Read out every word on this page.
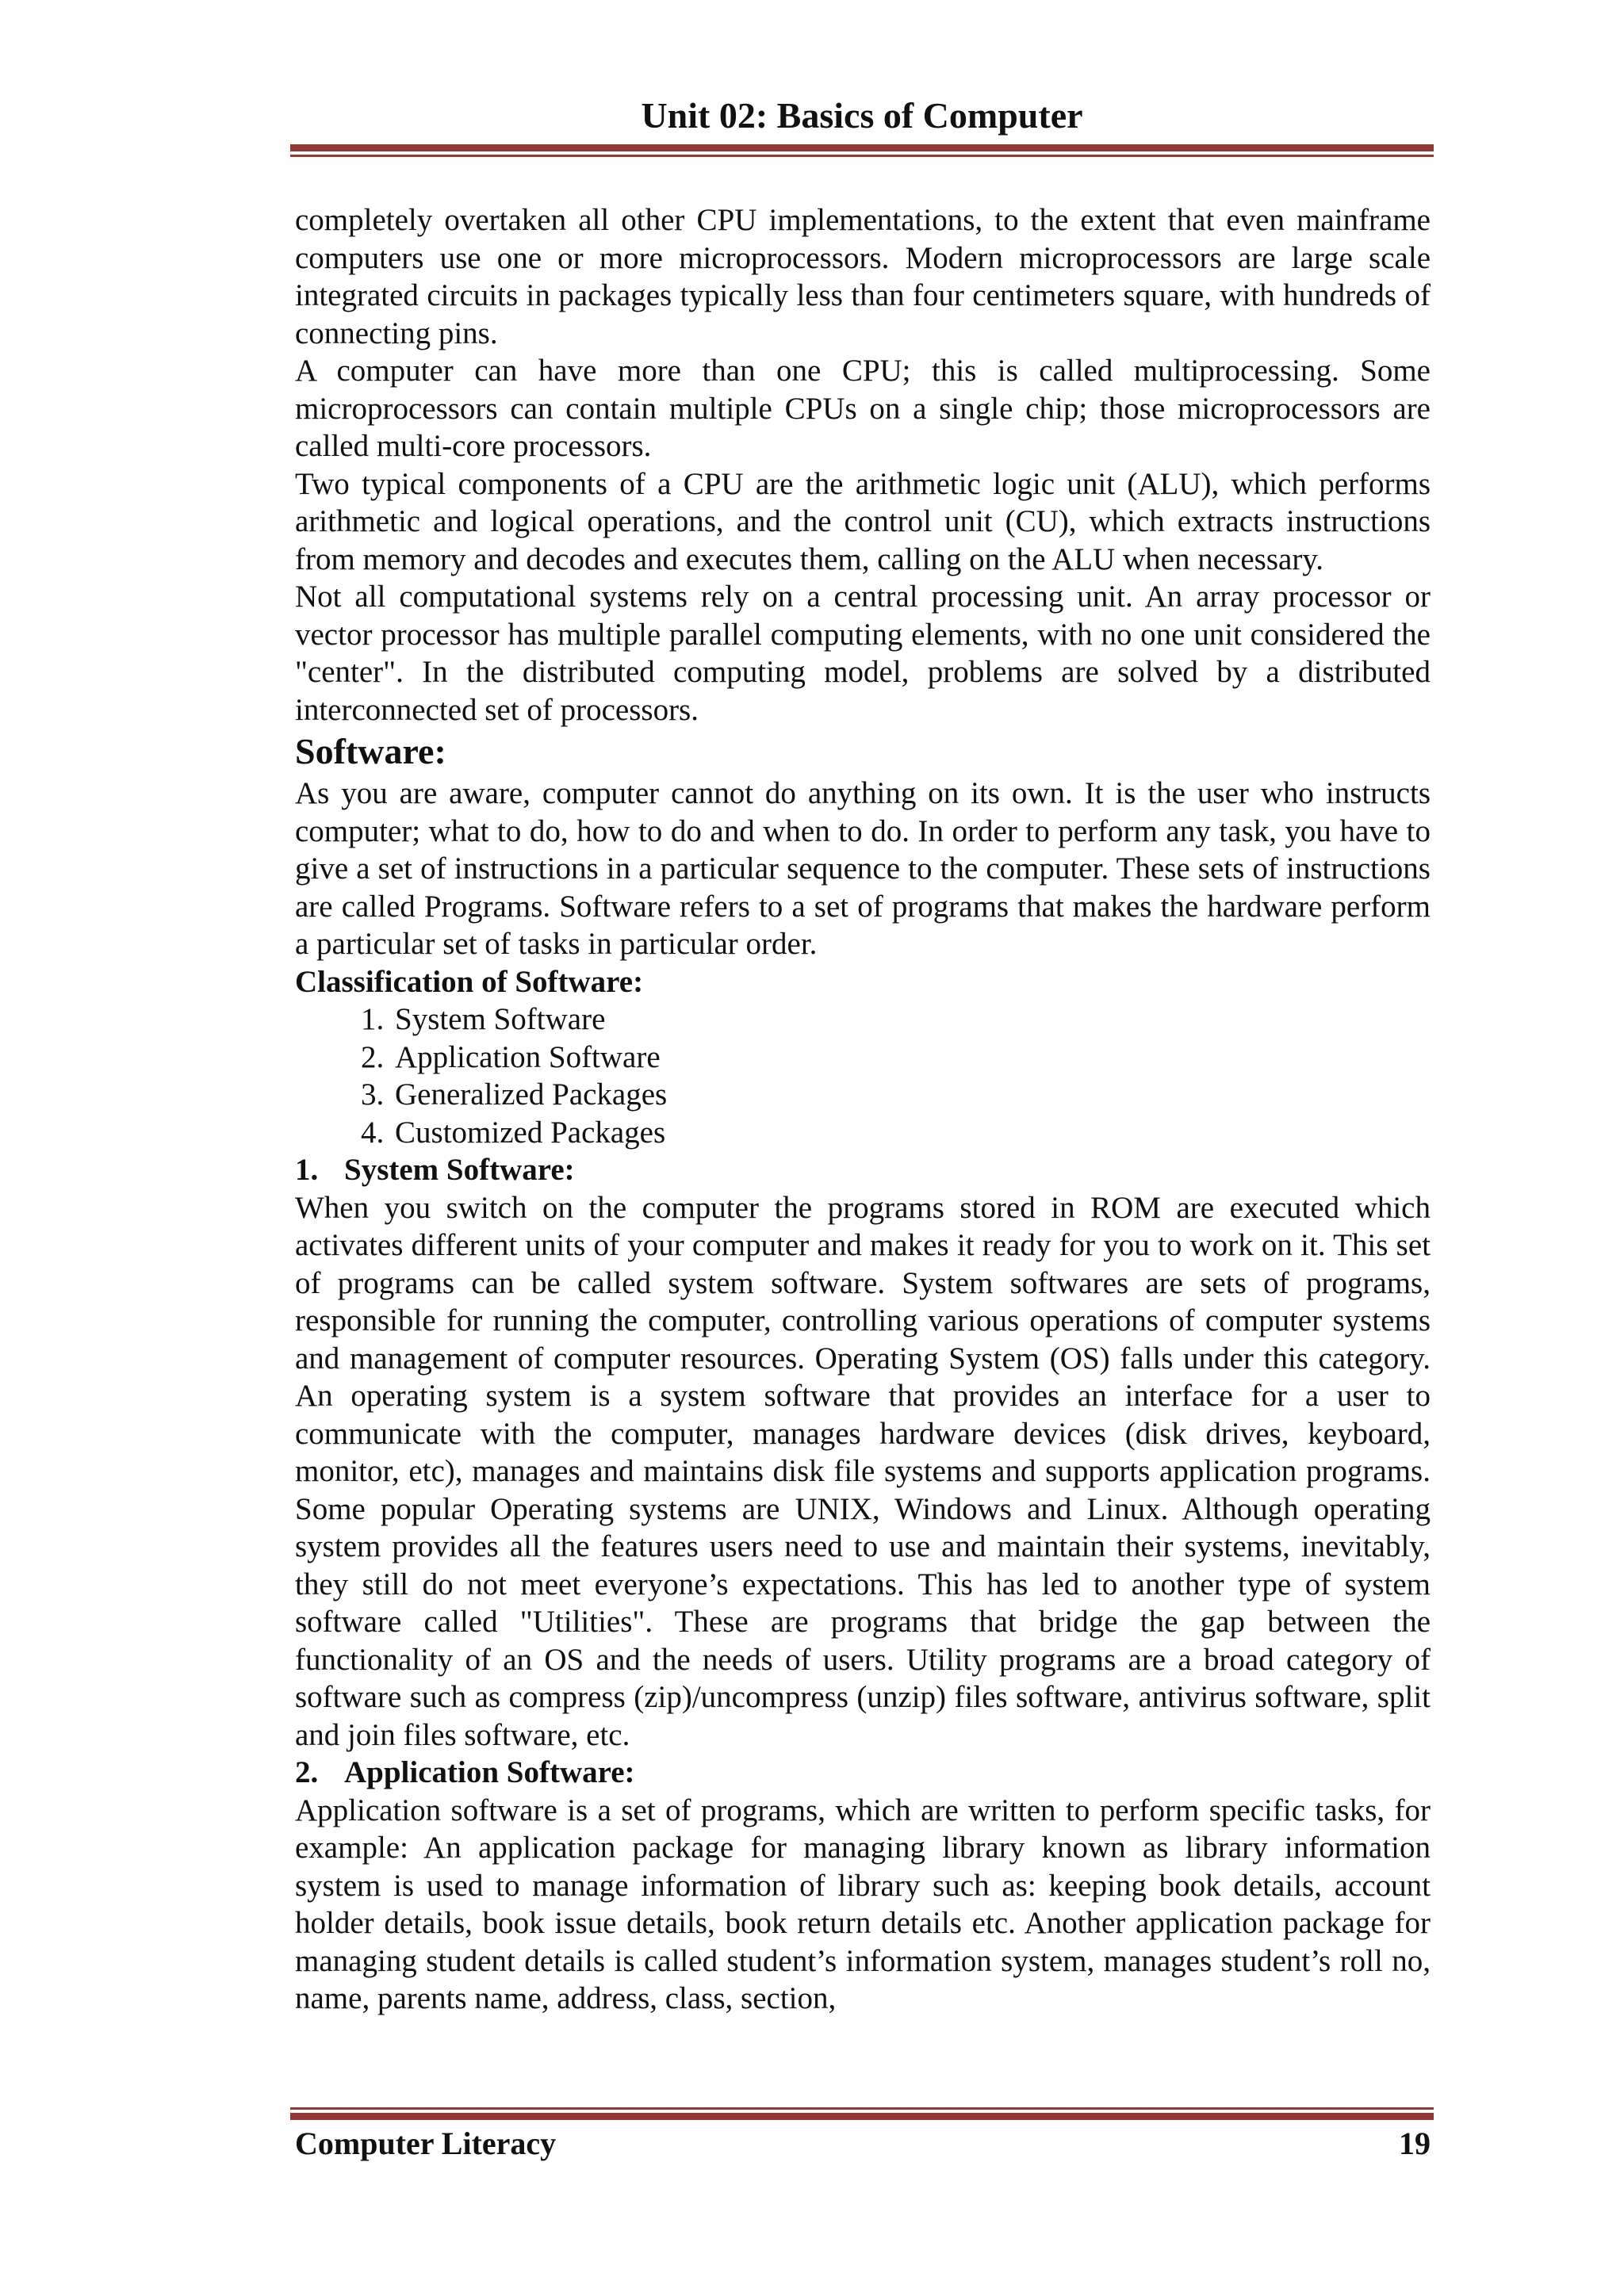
Unit 02: Basics of Computer

completely overtaken all other CPU implementations, to the extent that even mainframe computers use one or more microprocessors. Modern microprocessors are large scale integrated circuits in packages typically less than four centimeters square, with hundreds of connecting pins.

A computer can have more than one CPU; this is called multiprocessing. Some microprocessors can contain multiple CPUs on a single chip; those microprocessors are called multi-core processors.

Two typical components of a CPU are the arithmetic logic unit (ALU), which performs arithmetic and logical operations, and the control unit (CU), which extracts instructions from memory and decodes and executes them, calling on the ALU when necessary.

Not all computational systems rely on a central processing unit. An array processor or vector processor has multiple parallel computing elements, with no one unit considered the "center". In the distributed computing model, problems are solved by a distributed interconnected set of processors.

Software:

As you are aware, computer cannot do anything on its own. It is the user who instructs computer; what to do, how to do and when to do. In order to perform any task, you have to give a set of instructions in a particular sequence to the computer. These sets of instructions are called Programs. Software refers to a set of programs that makes the hardware perform a particular set of tasks in particular order.

Classification of Software:

1. System Software
2. Application Software
3. Generalized Packages
4. Customized Packages

1. System Software:

When you switch on the computer the programs stored in ROM are executed which activates different units of your computer and makes it ready for you to work on it. This set of programs can be called system software. System softwares are sets of programs, responsible for running the computer, controlling various operations of computer systems and management of computer resources. Operating System (OS) falls under this category. An operating system is a system software that provides an interface for a user to communicate with the computer, manages hardware devices (disk drives, keyboard, monitor, etc), manages and maintains disk file systems and supports application programs. Some popular Operating systems are UNIX, Windows and Linux. Although operating system provides all the features users need to use and maintain their systems, inevitably, they still do not meet everyone’s expectations. This has led to another type of system software called "Utilities". These are programs that bridge the gap between the functionality of an OS and the needs of users. Utility programs are a broad category of software such as compress (zip)/uncompress (unzip) files software, antivirus software, split and join files software, etc.

2. Application Software:

Application software is a set of programs, which are written to perform specific tasks, for example: An application package for managing library known as library information system is used to manage information of library such as: keeping book details, account holder details, book issue details, book return details etc. Another application package for managing student details is called student’s information system, manages student’s roll no, name, parents name, address, class, section,

Computer Literacy	19
